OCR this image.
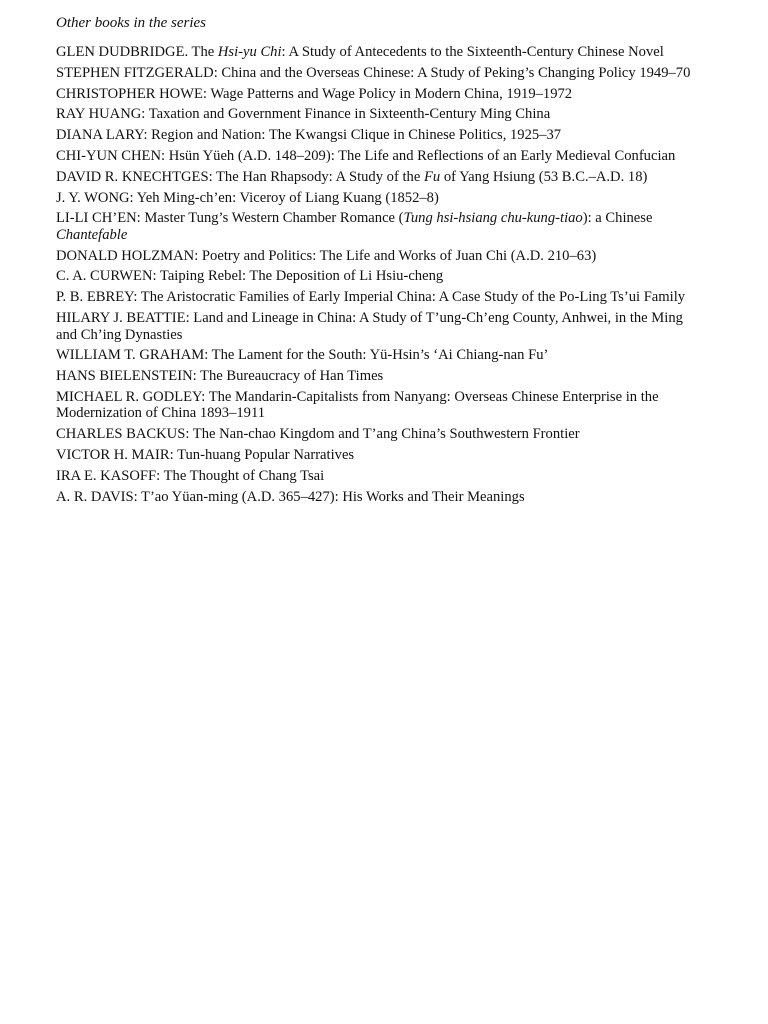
Other books in the series
GLEN DUDBRIDGE. The Hsi-yu Chi: A Study of Antecedents to the Sixteenth-Century Chinese Novel
STEPHEN FITZGERALD: China and the Overseas Chinese: A Study of Peking’s Changing Policy 1949–70
CHRISTOPHER HOWE: Wage Patterns and Wage Policy in Modern China, 1919–1972
RAY HUANG: Taxation and Government Finance in Sixteenth-Century Ming China
DIANA LARY: Region and Nation: The Kwangsi Clique in Chinese Politics, 1925–37
CHI-YUN CHEN: Hsün Yüeh (A.D. 148–209): The Life and Reflections of an Early Medieval Confucian
DAVID R. KNECHTGES: The Han Rhapsody: A Study of the Fu of Yang Hsiung (53 B.C.–A.D. 18)
J. Y. WONG: Yeh Ming-ch’en: Viceroy of Liang Kuang (1852–8)
LI-LI CH’EN: Master Tung’s Western Chamber Romance (Tung hsi-hsiang chu-kung-tiao): a Chinese Chantefable
DONALD HOLZMAN: Poetry and Politics: The Life and Works of Juan Chi (A.D. 210–63)
C. A. CURWEN: Taiping Rebel: The Deposition of Li Hsiu-cheng
P. B. EBREY: The Aristocratic Families of Early Imperial China: A Case Study of the Po-Ling Ts’ui Family
HILARY J. BEATTIE: Land and Lineage in China: A Study of T’ung-Ch’eng County, Anhwei, in the Ming and Ch’ing Dynasties
WILLIAM T. GRAHAM: The Lament for the South: Yü-Hsin’s ‘Ai Chiang-nan Fu’
HANS BIELENSTEIN: The Bureaucracy of Han Times
MICHAEL R. GODLEY: The Mandarin-Capitalists from Nanyang: Overseas Chinese Enterprise in the Modernization of China 1893–1911
CHARLES BACKUS: The Nan-chao Kingdom and T’ang China’s Southwestern Frontier
VICTOR H. MAIR: Tun-huang Popular Narratives
IRA E. KASOFF: The Thought of Chang Tsai
A. R. DAVIS: T’ao Yüan-ming (A.D. 365–427): His Works and Their Meanings
